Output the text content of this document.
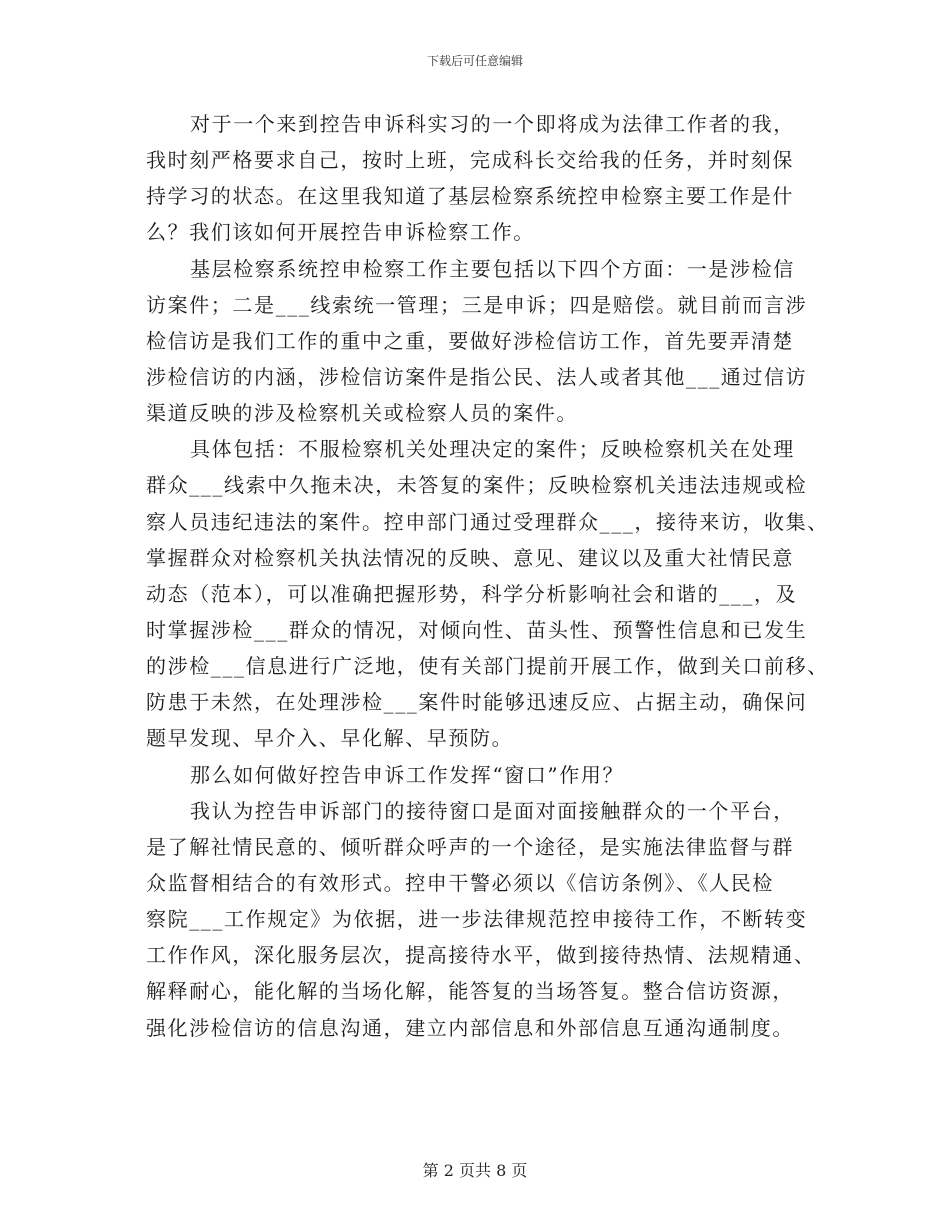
下载后可任意编辑
对于一个来到控告申诉科实习的一个即将成为法律工作者的我，
我时刻严格要求自己，按时上班，完成科长交给我的任务，并时刻保
持学习的状态。在这里我知道了基层检察系统控申检察主要工作是什
么？我们该如何开展控告申诉检察工作。
基层检察系统控申检察工作主要包括以下四个方面：一是涉检信
访案件；二是___线索统一管理；三是申诉；四是赔偿。就目前而言涉
检信访是我们工作的重中之重，要做好涉检信访工作，首先要弄清楚
涉检信访的内涵，涉检信访案件是指公民、法人或者其他___通过信访
渠道反映的涉及检察机关或检察人员的案件。
具体包括：不服检察机关处理决定的案件；反映检察机关在处理
群众___线索中久拖未决，未答复的案件；反映检察机关违法违规或检
察人员违纪违法的案件。控申部门通过受理群众___，接待来访，收集、
掌握群众对检察机关执法情况的反映、意见、建议以及重大社情民意
动态（范本），可以准确把握形势，科学分析影响社会和谐的___，及
时掌握涉检___群众的情况，对倾向性、苗头性、预警性信息和已发生
的涉检___信息进行广泛地，使有关部门提前开展工作，做到关口前移、
防患于未然，在处理涉检___案件时能够迅速反应、占据主动，确保问
题早发现、早介入、早化解、早预防。
那么如何做好控告申诉工作发挥“窗口”作用？
我认为控告申诉部门的接待窗口是面对面接触群众的一个平台，
是了解社情民意的、倾听群众呼声的一个途径，是实施法律监督与群
众监督相结合的有效形式。控申干警必须以《信访条例》、《人民检
察院___工作规定》为依据，进一步法律规范控申接待工作，不断转变
工作作风，深化服务层次，提高接待水平，做到接待热情、法规精通、
解释耐心，能化解的当场化解，能答复的当场答复。整合信访资源，
强化涉检信访的信息沟通，建立内部信息和外部信息互通沟通制度。
第 2 页共 8 页
